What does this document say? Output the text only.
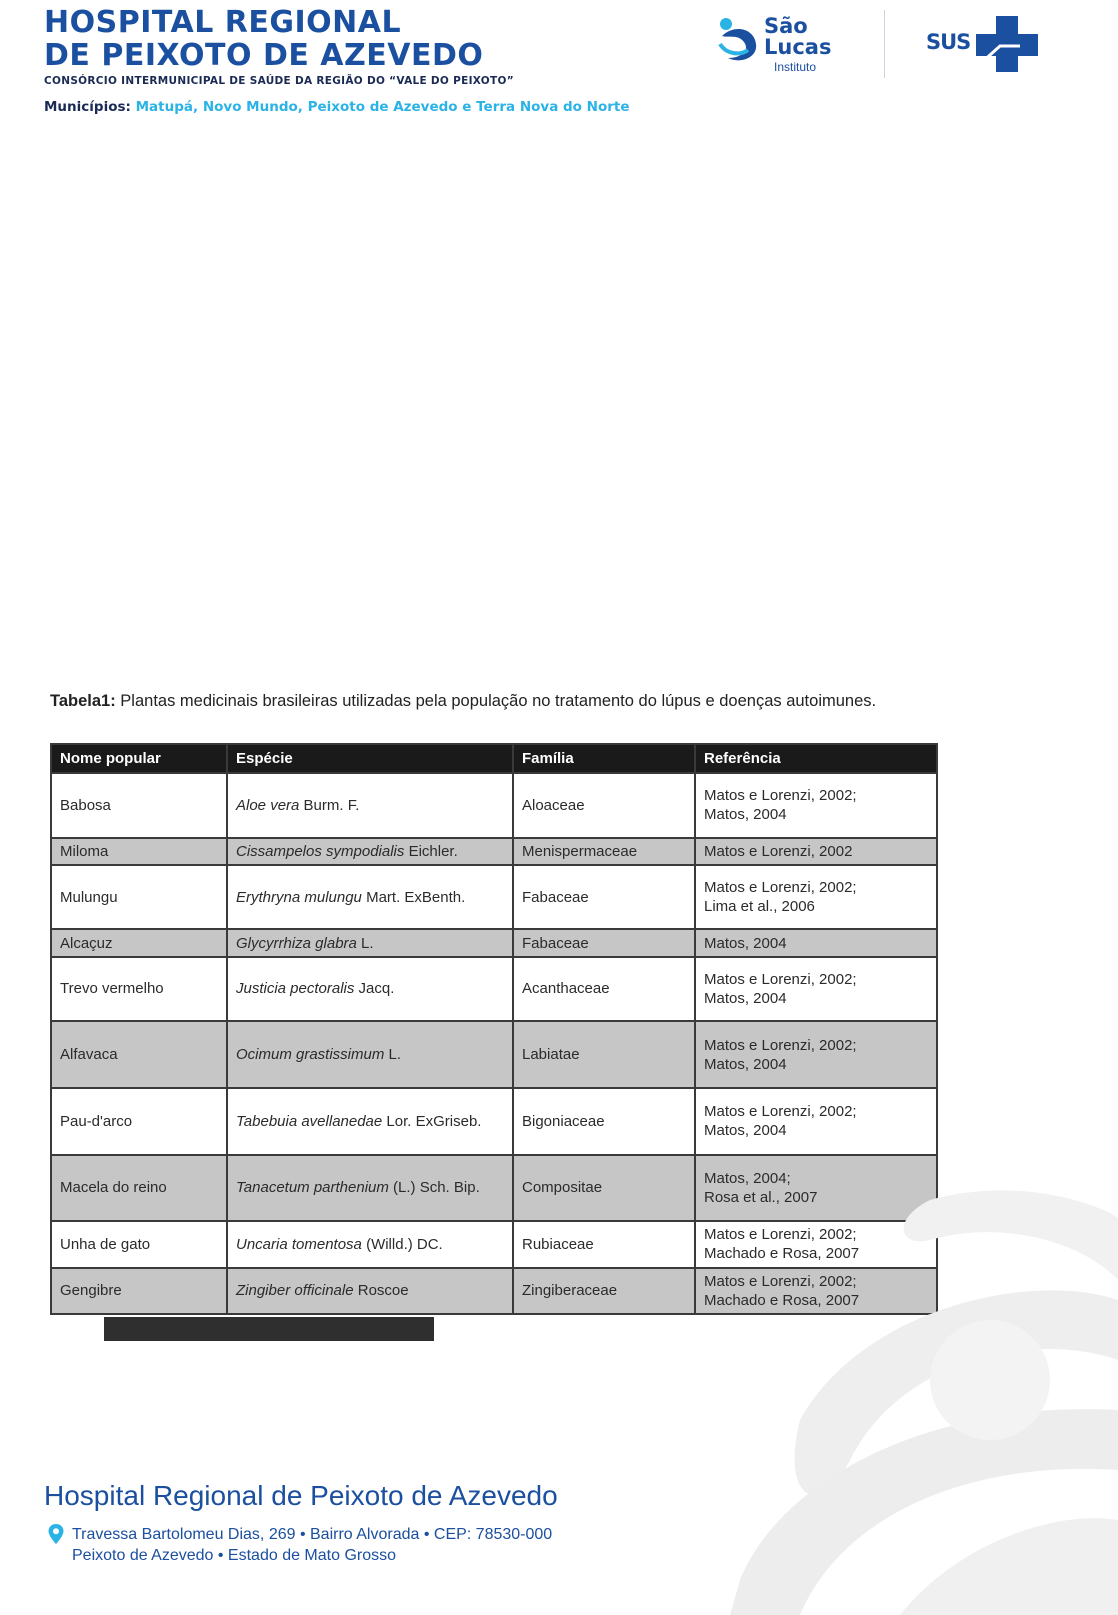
HOSPITAL REGIONAL
DE PEIXOTO DE AZEVEDO
CONSÓRCIO INTERMUNICIPAL DE SAÚDE DA REGIÃO DO “VALE DO PEIXOTO”
Municípios: Matupá, Novo Mundo, Peixoto de Azevedo e Terra Nova do Norte
São
Lucas
Instituto
SUS
Tabela1: Plantas medicinais brasileiras utilizadas pela população no tratamento do lúpus e doenças autoimunes.
Nome popular	Espécie	Família	Referência
Babosa	Aloe vera Burm. F.	Aloaceae	Matos e Lorenzi, 2002;
Matos, 2004
Miloma	Cissampelos sympodialis Eichler.	Menispermaceae	Matos e Lorenzi, 2002
Mulungu	Erythryna mulungu Mart. ExBenth.	Fabaceae	Matos e Lorenzi, 2002;
Lima et al., 2006
Alcaçuz	Glycyrrhiza glabra L.	Fabaceae	Matos, 2004
Trevo vermelho	Justicia pectoralis Jacq.	Acanthaceae	Matos e Lorenzi, 2002;
Matos, 2004
Alfavaca	Ocimum grastissimum L.	Labiatae	Matos e Lorenzi, 2002;
Matos, 2004
Pau-d'arco	Tabebuia avellanedae Lor. ExGriseb.	Bigoniaceae	Matos e Lorenzi, 2002;
Matos, 2004
Macela do reino	Tanacetum parthenium (L.) Sch. Bip.	Compositae	Matos, 2004;
Rosa et al., 2007
Unha de gato	Uncaria tomentosa (Willd.) DC.	Rubiaceae	Matos e Lorenzi, 2002;
Machado e Rosa, 2007
Gengibre	Zingiber officinale Roscoe	Zingiberaceae	Matos e Lorenzi, 2002;
Machado e Rosa, 2007
Hospital Regional de Peixoto de Azevedo
Travessa Bartolomeu Dias, 269 • Bairro Alvorada • CEP: 78530-000
Peixoto de Azevedo • Estado de Mato Grosso
